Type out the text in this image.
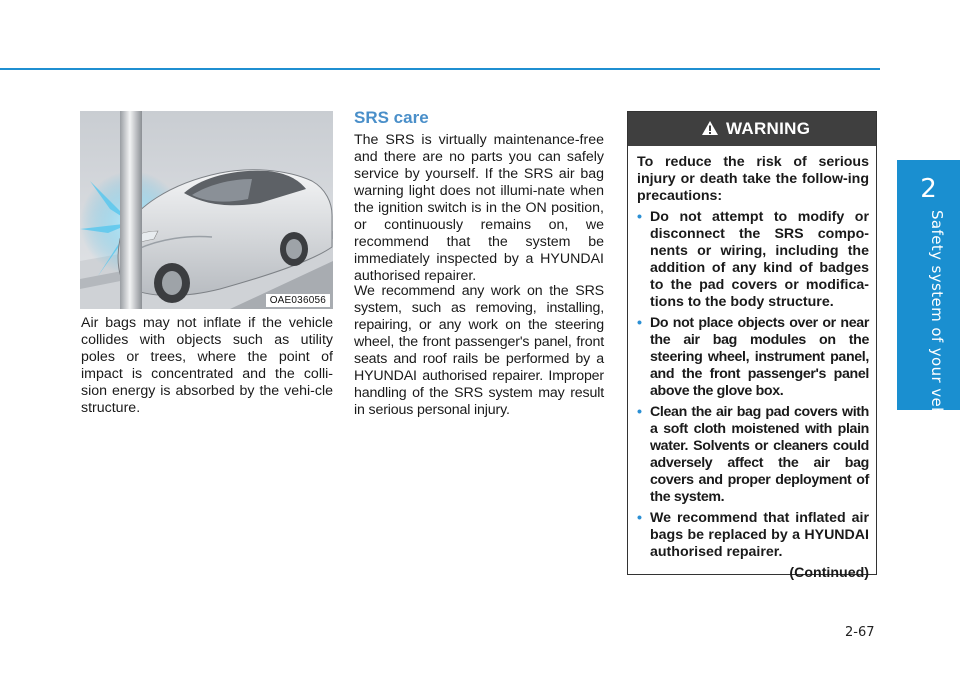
2
Safety system of your vehicle
OAE036056

Air bags may not inflate if the vehicle collides with objects such as utility poles or trees, where the point of impact is concentrated and the colli-sion energy is absorbed by the vehi-cle structure.

SRS care

The SRS is virtually maintenance-free and there are no parts you can safely service by yourself. If the SRS air bag warning light does not illumi-nate when the ignition switch is in the ON position, or continuously remains on, we recommend that the system be immediately inspected by a HYUNDAI authorised repairer.

We recommend any work on the SRS system, such as removing, installing, repairing, or any work on the steering wheel, the front passenger's panel, front seats and roof rails be performed by a HYUNDAI authorised repairer. Improper handling of the SRS system may result in serious personal injury.

WARNING

To reduce the risk of serious injury or death take the follow-ing precautions:

• Do not attempt to modify or disconnect the SRS compo-nents or wiring, including the addition of any kind of badges to the pad covers or modifica-tions to the body structure.
• Do not place objects over or near the air bag modules on the steering wheel, instrument panel, and the front passenger's panel above the glove box.
• Clean the air bag pad covers with a soft cloth moistened with plain water. Solvents or cleaners could adversely affect the air bag covers and proper deployment of the system.
• We recommend that inflated air bags be replaced by a HYUNDAI authorised repairer.

(Continued)

2-67
